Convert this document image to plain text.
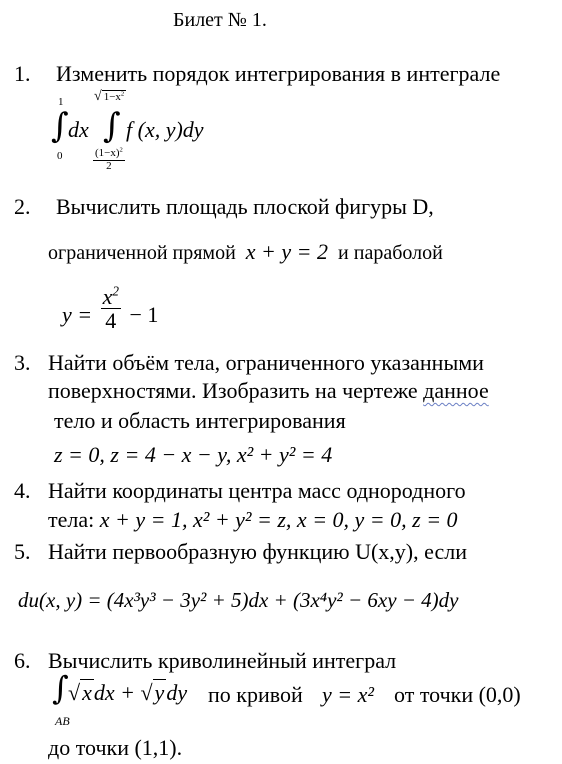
Билет № 1.
1. Изменить порядок интегрирования в интеграле
1
∫
0
dx
√ $1-x^2$
∫
$\frac{(1-x)^2}{2}$
f (x, y)dy
2. Вычислить площадь плоской фигуры D,
ограниченной прямой x + y = 2 и параболой
$y = \frac{x^2}{4} - 1$
3. Найти объём тела, ограниченного указанными
поверхностями. Изобразить на чертеже данное
тело и область интегрирования
z = 0, z = 4 − x − y, x² + y² = 4
4. Найти координаты центра масс однородного
тела: x + y = 1, x² + y² = z, x = 0, y = 0, z = 0
5. Найти первообразную функцию U(x,y), если
du(x, y) = (4x³y³ − 3y² + 5)dx + (3x⁴y² − 6xy − 4)dy
6. Вычислить криволинейный интеграл
∫
AB
√xdx + √ydy по кривой y = x² от точки (0,0)
до точки (1,1).
